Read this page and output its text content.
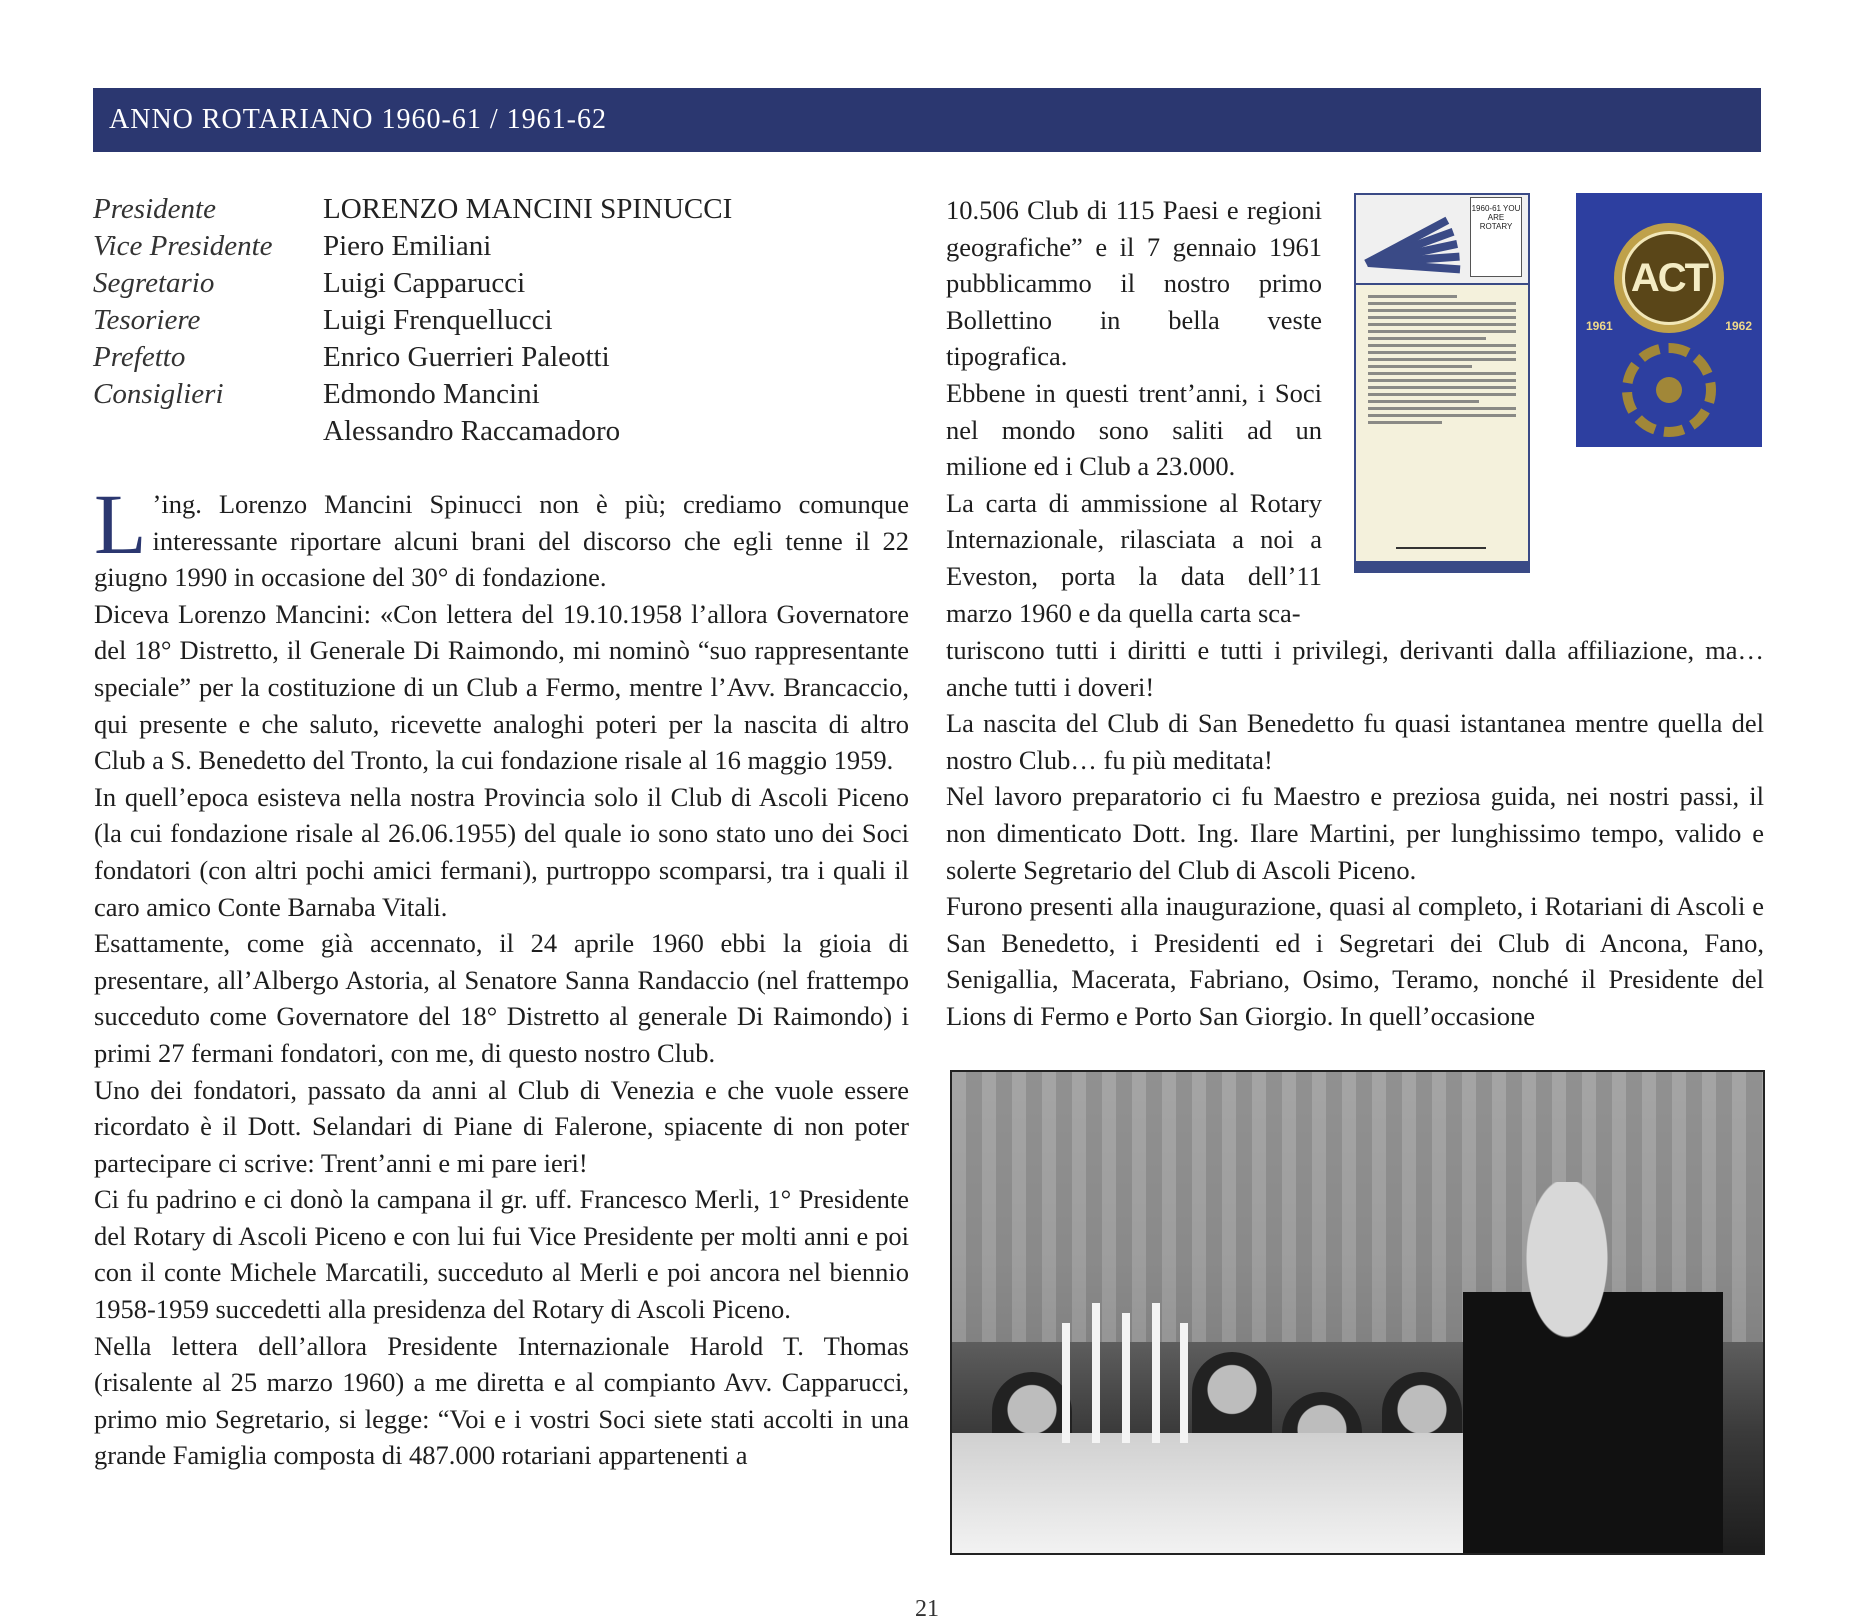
ANNO ROTARIANO 1960-61 / 1961-62
Presidente	LORENZO MANCINI SPINUCCI
Vice Presidente	Piero Emiliani
Segretario	Luigi Capparucci
Tesoriere	Luigi Frenquellucci
Prefetto	Enrico Guerrieri Paleotti
Consiglieri	Edmondo Mancini
Alessandro Raccamadoro

L ’ing. Lorenzo Mancini Spinucci non è più; crediamo comunque interessante riportare alcuni brani del discorso che egli tenne il 22 giugno 1990 in occasione del 30° di fondazione.

Diceva Lorenzo Mancini: «Con lettera del 19.10.1958 l’allora Governatore del 18° Distretto, il Generale Di Raimondo, mi nominò “suo rappresentante speciale” per la costituzione di un Club a Fermo, mentre l’Avv. Brancaccio, qui presente e che saluto, ricevette analoghi poteri per la nascita di altro Club a S. Benedetto del Tronto, la cui fondazione risale al 16 maggio 1959.

In quell’epoca esisteva nella nostra Provincia solo il Club di Ascoli Piceno (la cui fondazione risale al 26.06.1955) del quale io sono stato uno dei Soci fondatori (con altri pochi amici fermani), purtroppo scomparsi, tra i quali il caro amico Conte Barnaba Vitali.

Esattamente, come già accennato, il 24 aprile 1960 ebbi la gioia di presentare, all’Albergo Astoria, al Senatore Sanna Randaccio (nel frattempo succeduto come Governatore del 18° Distretto al generale Di Raimondo) i primi 27 fermani fondatori, con me, di questo nostro Club.

Uno dei fondatori, passato da anni al Club di Venezia e che vuole essere ricordato è il Dott. Selandari di Piane di Falerone, spiacente di non poter partecipare ci scrive: Trent’anni e mi pare ieri!

Ci fu padrino e ci donò la campana il gr. uff. Francesco Merli, 1° Presidente del Rotary di Ascoli Piceno e con lui fui Vice Presidente per molti anni e poi con il conte Michele Marcatili, succeduto al Merli e poi ancora nel biennio 1958-1959 succedetti alla presidenza del Rotary di Ascoli Piceno.

Nella lettera dell’allora Presidente Internazionale Harold T. Thomas (risalente al 25 marzo 1960) a me diretta e al compianto Avv. Capparucci, primo mio Segretario, si legge: “Voi e i vostri Soci siete stati accolti in una grande Famiglia composta di 487.000 rotariani appartenenti a

10.506 Club di 115 Paesi e regioni geografiche” e il 7 gennaio 1961 pubblicammo il nostro primo Bollettino in bella veste tipografica.

Ebbene in questi trent’anni, i Soci nel mondo sono saliti ad un milione ed i Club a 23.000.

La carta di ammissione al Rotary Internazionale, rilasciata a noi a Eveston, porta la data dell’11 marzo 1960 e da quella carta sca-

1960-61 YOU ARE ROTARY
ACT
1961	1962

turiscono tutti i diritti e tutti i privilegi, derivanti dalla affiliazione, ma… anche tutti i doveri!

La nascita del Club di San Benedetto fu quasi istantanea mentre quella del nostro Club… fu più meditata!

Nel lavoro preparatorio ci fu Maestro e preziosa guida, nei nostri passi, il non dimenticato Dott. Ing. Ilare Martini, per lunghissimo tempo, valido e solerte Segretario del Club di Ascoli Piceno.

Furono presenti alla inaugurazione, quasi al completo, i Rotariani di Ascoli e San Benedetto, i Presidenti ed i Segretari dei Club di Ancona, Fano, Senigallia, Macerata, Fabriano, Osimo, Teramo, nonché il Presidente del Lions di Fermo e Porto San Giorgio. In quell’occasione

21
